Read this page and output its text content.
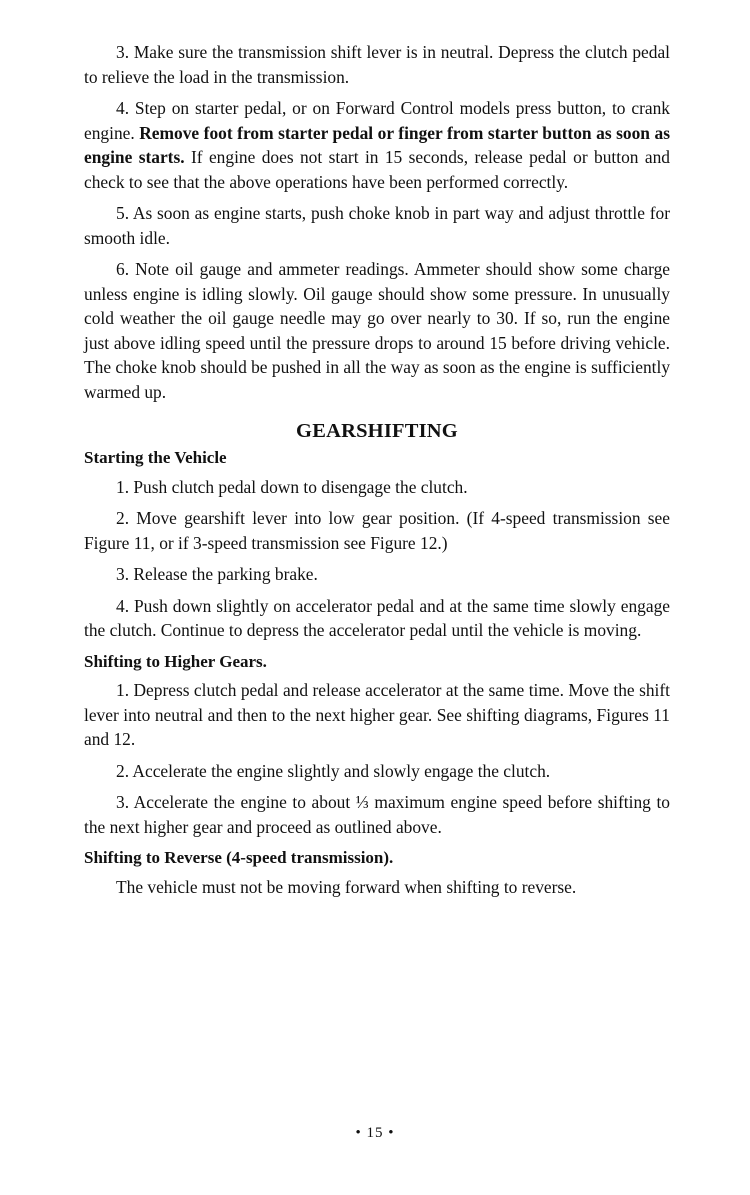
3. Make sure the transmission shift lever is in neutral. Depress the clutch pedal to relieve the load in the transmission.

4. Step on starter pedal, or on Forward Control models press button, to crank engine. Remove foot from starter pedal or finger from starter button as soon as engine starts. If engine does not start in 15 seconds, release pedal or button and check to see that the above operations have been performed correctly.

5. As soon as engine starts, push choke knob in part way and adjust throttle for smooth idle.

6. Note oil gauge and ammeter readings. Ammeter should show some charge unless engine is idling slowly. Oil gauge should show some pressure. In unusually cold weather the oil gauge needle may go over nearly to 30. If so, run the engine just above idling speed until the pressure drops to around 15 before driving vehicle. The choke knob should be pushed in all the way as soon as the engine is sufficiently warmed up.

GEARSHIFTING
Starting the Vehicle

1. Push clutch pedal down to disengage the clutch.

2. Move gearshift lever into low gear position. (If 4-speed transmission see Figure 11, or if 3-speed transmission see Figure 12.)

3. Release the parking brake.

4. Push down slightly on accelerator pedal and at the same time slowly engage the clutch. Continue to depress the accelerator pedal until the vehicle is moving.

Shifting to Higher Gears.

1. Depress clutch pedal and release accelerator at the same time. Move the shift lever into neutral and then to the next higher gear. See shifting diagrams, Figures 11 and 12.

2. Accelerate the engine slightly and slowly engage the clutch.

3. Accelerate the engine to about ⅓ maximum engine speed before shifting to the next higher gear and proceed as outlined above.

Shifting to Reverse (4-speed transmission).

The vehicle must not be moving forward when shifting to reverse.

• 15 •
